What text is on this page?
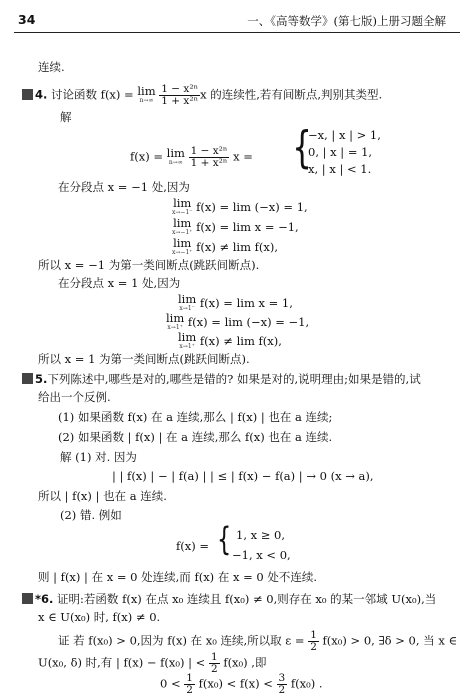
34	一、《高等数学》(第七版)上册习题全解
连续.
4. 讨论函数 f(x) = lim
n→∞
$\frac{\text{1 − x²ⁿ}}{\text{1 + x²ⁿ}}$ x 的连续性,若有间断点,判别其类型.
解
f(x) = lim
n→∞
$\frac{\text{1 − x²ⁿ}}{\text{1 + x²ⁿ}}$ x = {
−x, | x | > 1,
0, | x | = 1,
x, | x | < 1.
在分段点 x = −1 处,因为
lim
x→−1⁻ f(x) = lim (−x) = 1,
lim
x→−1⁺ f(x) = lim x = −1,
lim
x→−1⁺ f(x) ≠ lim f(x),
所以 x = −1 为第一类间断点(跳跃间断点).
在分段点 x = 1 处,因为
lim
x→1⁻ f(x) = lim x = 1,
lim
x→1⁺ f(x) = lim (−x) = −1,
lim
x→1⁺ f(x) ≠ lim f(x),
所以 x = 1 为第一类间断点(跳跃间断点).
5.下列陈述中,哪些是对的,哪些是错的? 如果是对的,说明理由;如果是错的,试
给出一个反例.
(1) 如果函数 f(x) 在 a 连续,那么 | f(x) | 也在 a 连续;
(2) 如果函数 | f(x) | 在 a 连续,那么 f(x) 也在 a 连续.
解 (1) 对. 因为
| | f(x) | − | f(a) | | ≤ | f(x) − f(a) | → 0 (x → a),
所以 | f(x) | 也在 a 连续.
(2) 错. 例如
f(x) = { 1, x ≥ 0,
−1, x < 0,
则 | f(x) | 在 x = 0 处连续,而 f(x) 在 x = 0 处不连续.
*6. 证明:若函数 f(x) 在点 x₀ 连续且 f(x₀) ≠ 0,则存在 x₀ 的某一邻域 U(x₀),当
x ∈ U(x₀) 时, f(x) ≠ 0.
证 若 f(x₀) > 0,因为 f(x) 在 x₀ 连续,所以取 $\varepsilon = \frac{1}{2} f(x_0) > 0$, ∃δ > 0, 当 x ∈
U(x₀, δ) 时,有 | f(x) − f(x₀) | < $\frac{1}{2} f(x_0)$ ,即
$0 < \frac{1}{2} f(x_0) < f(x) < \frac{3}{2} f(x_0)$ .
